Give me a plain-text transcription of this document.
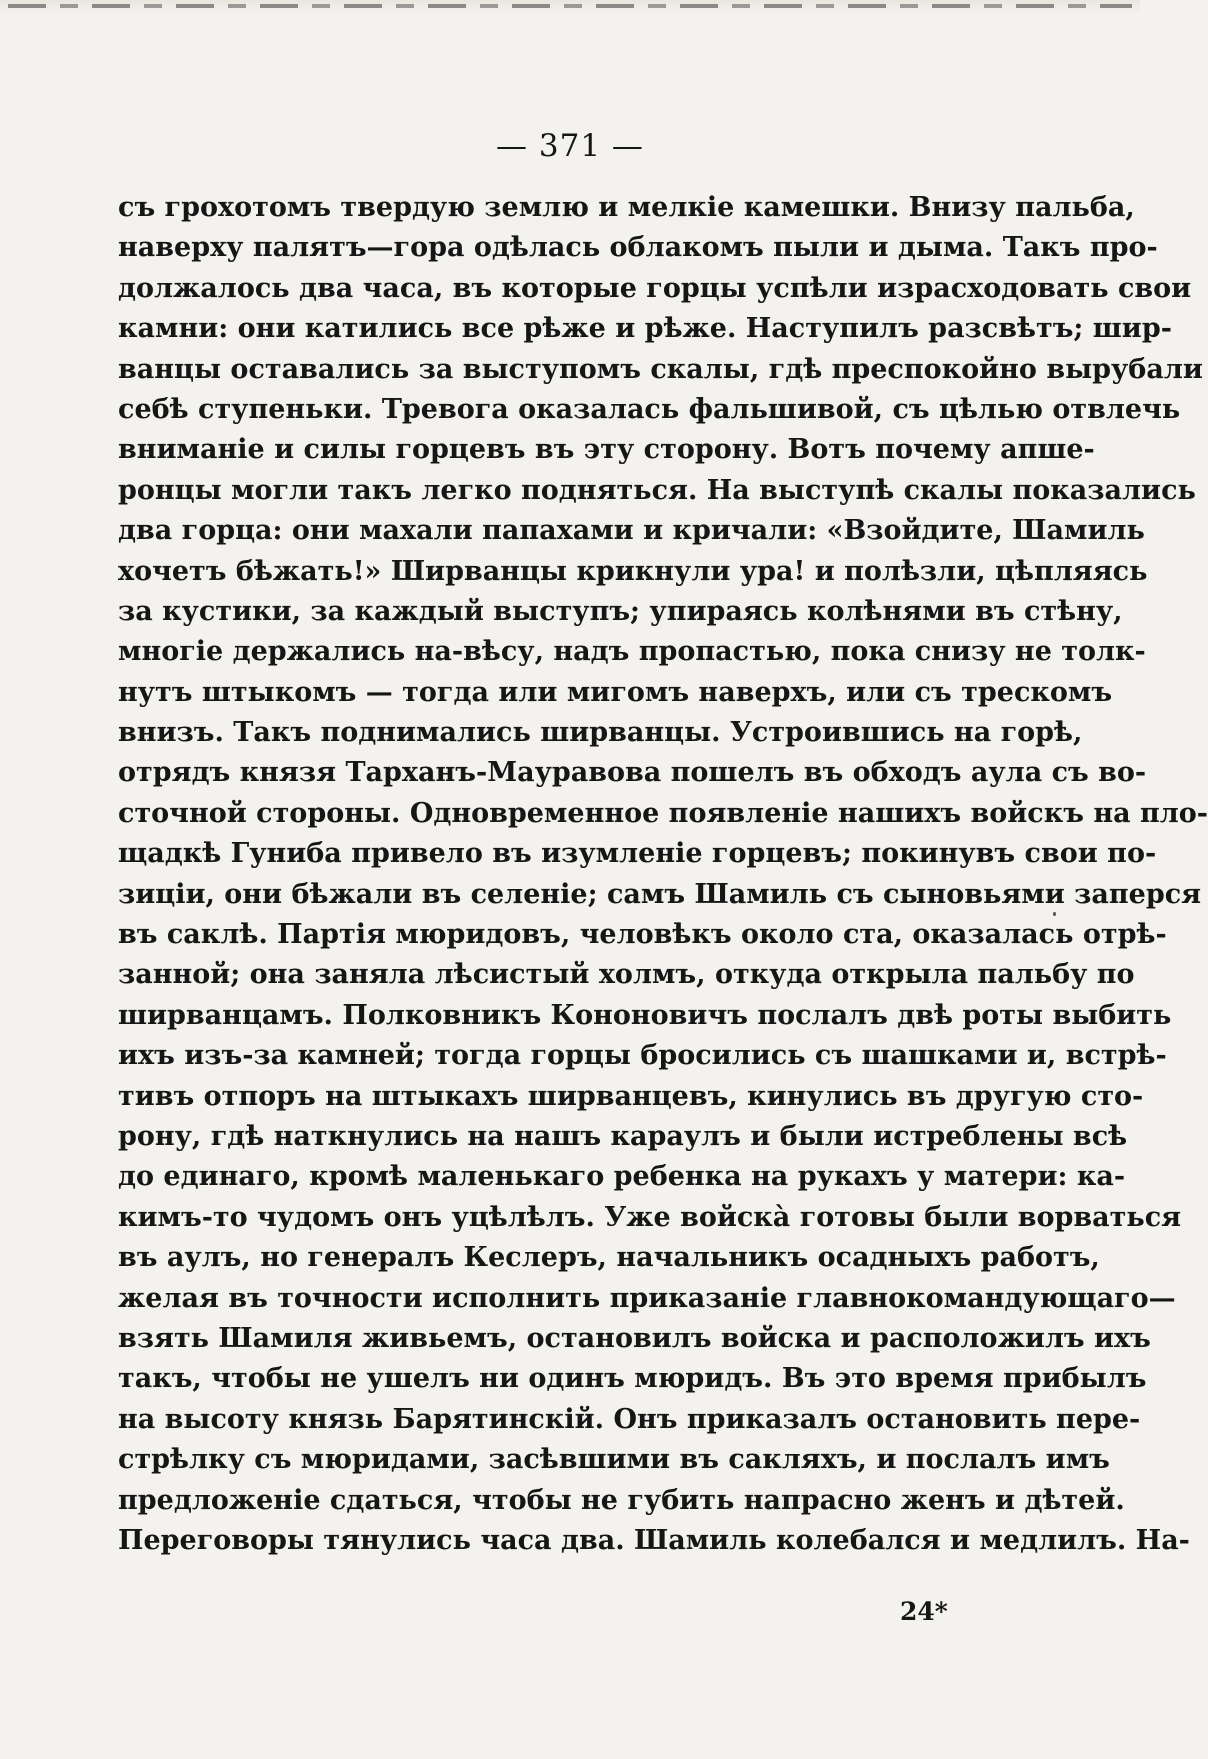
— 371 —
съ грохотомъ твердую землю и мелкіе камешки. Внизу пальба,
наверху палятъ—гора одѣлась облакомъ пыли и дыма. Такъ про-
должалось два часа, въ которые горцы успѣли израсходовать свои
камни: они катились все рѣже и рѣже. Наступилъ разсвѣтъ; шир-
ванцы оставались за выступомъ скалы, гдѣ преспокойно вырубали
себѣ ступеньки. Тревога оказалась фальшивой, съ цѣлью отвлечь
вниманіе и силы горцевъ въ эту сторону. Вотъ почему апше-
ронцы могли такъ легко подняться. На выступѣ скалы показались
два горца: они махали папахами и кричали: «Взойдите, Шамиль
хочетъ бѣжать!» Ширванцы крикнули ура! и полѣзли, цѣпляясь
за кустики, за каждый выступъ; упираясь колѣнями въ стѣну,
многіе держались на-вѣсу, надъ пропастью, пока снизу не толк-
нутъ штыкомъ — тогда или мигомъ наверхъ, или съ трескомъ
внизъ. Такъ поднимались ширванцы. Устроившись на горѣ,
отрядъ князя Тарханъ-Мауравова пошелъ въ обходъ аула съ во-
сточной стороны. Одновременное появленіе нашихъ войскъ на пло-
щадкѣ Гуниба привело въ изумленіе горцевъ; покинувъ свои по-
зиціи, они бѣжали въ селеніе; самъ Шамиль съ сыновьями заперся
въ саклѣ. Партія мюридовъ, человѣкъ около ста, оказалась отрѣ-
занной; она заняла лѣсистый холмъ, откуда открыла пальбу по
ширванцамъ. Полковникъ Кононовичъ послалъ двѣ роты выбить
ихъ изъ-за камней; тогда горцы бросились съ шашками и, встрѣ-
тивъ отпоръ на штыкахъ ширванцевъ, кинулись въ другую сто-
рону, гдѣ наткнулись на нашъ караулъ и были истреблены всѣ
до единаго, кромѣ маленькаго ребенка на рукахъ у матери: ка-
кимъ-то чудомъ онъ уцѣлѣлъ. Уже войскà готовы были ворваться
въ аулъ, но генералъ Кеслеръ, начальникъ осадныхъ работъ,
желая въ точности исполнить приказаніе главнокомандующаго—
взять Шамиля живьемъ, остановилъ войска и расположилъ ихъ
такъ, чтобы не ушелъ ни одинъ мюридъ. Въ это время прибылъ
на высоту князь Барятинскій. Онъ приказалъ остановить пере-
стрѣлку съ мюридами, засѣвшими въ сакляхъ, и послалъ имъ
предложеніе сдаться, чтобы не губить напрасно женъ и дѣтей.
Переговоры тянулись часа два. Шамиль колебался и медлилъ. На-
24*
